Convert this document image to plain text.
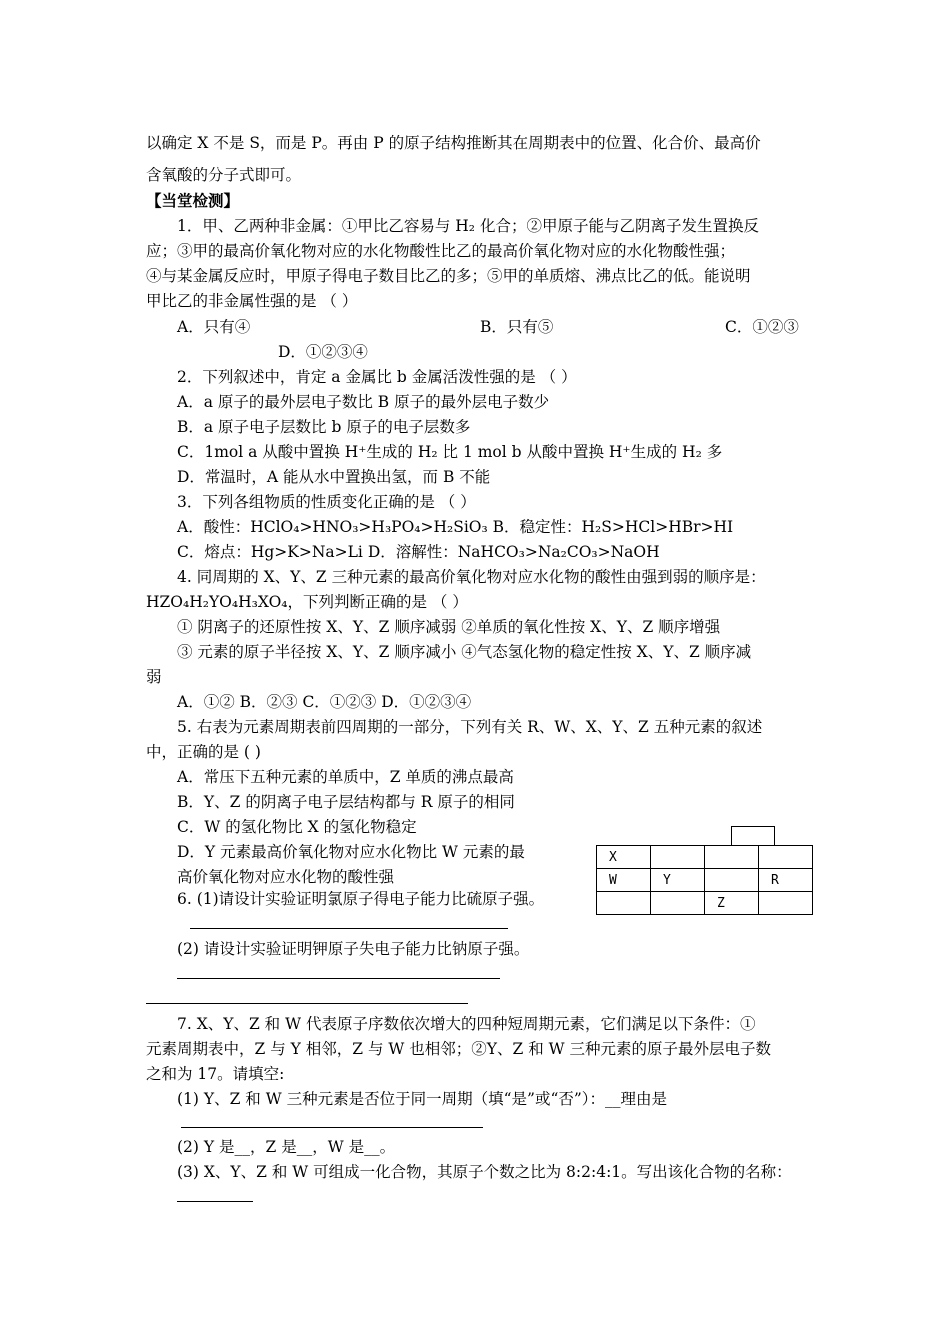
以确定 X 不是 S，而是 P。再由 P 的原子结构推断其在周期表中的位置、化合价、最高价
含氧酸的分子式即可。
【当堂检测】
1．甲、乙两种非金属：①甲比乙容易与 H₂ 化合；②甲原子能与乙阴离子发生置换反
应；③甲的最高价氧化物对应的水化物酸性比乙的最高价氧化物对应的水化物酸性强；
④与某金属反应时，甲原子得电子数目比乙的多；⑤甲的单质熔、沸点比乙的低。能说明
甲比乙的非金属性强的是 （ ）
A．只有④	B．只有⑤	C．①②③
D．①②③④
2．下列叙述中，肯定 a 金属比 b 金属活泼性强的是 （ ）
A．a 原子的最外层电子数比 B 原子的最外层电子数少
B．a 原子电子层数比 b 原子的电子层数多
C．1mol a 从酸中置换 H⁺生成的 H₂ 比 1 mol b 从酸中置换 H⁺生成的 H₂ 多
D．常温时，A 能从水中置换出氢，而 B 不能
3．下列各组物质的性质变化正确的是 （ ）
A．酸性：HClO₄>HNO₃>H₃PO₄>H₂SiO₃ B．稳定性：H₂S>HCl>HBr>HI
C．熔点：Hg>K>Na>Li D．溶解性：NaHCO₃>Na₂CO₃>NaOH
4. 同周期的 X、Y、Z 三种元素的最高价氧化物对应水化物的酸性由强到弱的顺序是：
HZO₄H₂YO₄H₃XO₄，下列判断正确的是 （ ）
① 阴离子的还原性按 X、Y、Z 顺序减弱 ②单质的氧化性按 X、Y、Z 顺序增强
③ 元素的原子半径按 X、Y、Z 顺序减小 ④气态氢化物的稳定性按 X、Y、Z 顺序减
弱
A．①② B．②③ C．①②③ D．①②③④
5. 右表为元素周期表前四周期的一部分，下列有关 R、W、X、Y、Z 五种元素的叙述
中，正确的是 ( )
A．常压下五种元素的单质中，Z 单质的沸点最高
B．Y、Z 的阴离子电子层结构都与 R 原子的相同
C．W 的氢化物比 X 的氢化物稳定
D．Y 元素最高价氧化物对应水化物比 W 元素的最
高价氧化物对应水化物的酸性强
X			
W	Y		R
		Z	
6. (1)请设计实验证明氯原子得电子能力比硫原子强。
(2) 请设计实验证明钾原子失电子能力比钠原子强。
7. X、Y、Z 和 W 代表原子序数依次增大的四种短周期元素，它们满足以下条件：①
元素周期表中，Z 与 Y 相邻，Z 与 W 也相邻；②Y、Z 和 W 三种元素的原子最外层电子数
之和为 17。请填空:
(1) Y、Z 和 W 三种元素是否位于同一周期（填“是”或“否”）：__理由是
(2) Y 是__，Z 是__，W 是__。
(3) X、Y、Z 和 W 可组成一化合物，其原子个数之比为 8:2:4:1。写出该化合物的名称：
